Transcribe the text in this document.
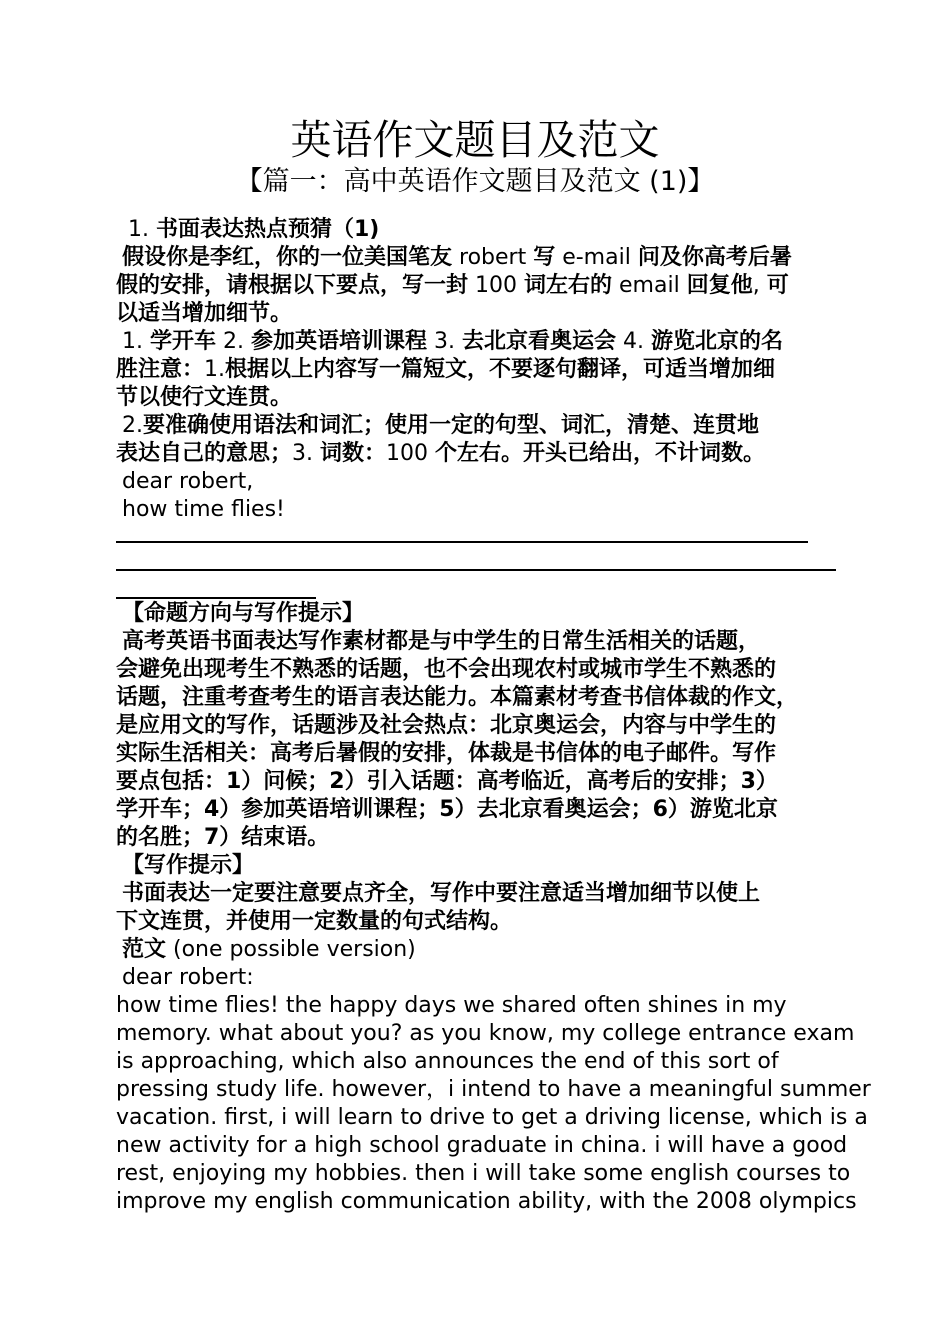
英语作文题目及范文
【篇一：高中英语作文题目及范文 (1)】
1. 书面表达热点预猜（1)
假设你是李红，你的一位美国笔友 robert 写 e-mail 问及你高考后暑
假的安排，请根据以下要点，写一封 100 词左右的 email 回复他, 可
以适当增加细节。
1. 学开车 2. 参加英语培训课程 3. 去北京看奥运会 4. 游览北京的名
胜注意：1.根据以上内容写一篇短文，不要逐句翻译，可适当增加细
节以使行文连贯。
2.要准确使用语法和词汇；使用一定的句型、词汇，清楚、连贯地
表达自己的意思；3. 词数：100 个左右。开头已给出，不计词数。
dear robert,
how time flies!
【命题方向与写作提示】
高考英语书面表达写作素材都是与中学生的日常生活相关的话题，
会避免出现考生不熟悉的话题，也不会出现农村或城市学生不熟悉的
话题，注重考查考生的语言表达能力。本篇素材考查书信体裁的作文，
是应用文的写作，话题涉及社会热点：北京奥运会，内容与中学生的
实际生活相关：高考后暑假的安排，体裁是书信体的电子邮件。写作
要点包括：1）问候；2）引入话题：高考临近，高考后的安排；3）
学开车；4）参加英语培训课程；5）去北京看奥运会；6）游览北京
的名胜；7）结束语。
【写作提示】
书面表达一定要注意要点齐全，写作中要注意适当增加细节以使上
下文连贯，并使用一定数量的句式结构。
范文 (one possible version)
dear robert:
how time flies! the happy days we shared often shines in my
memory. what about you? as you know, my college entrance exam
is approaching, which also announces the end of this sort of
pressing study life. however，i intend to have a meaningful summer
vacation. first, i will learn to drive to get a driving license, which is a
new activity for a high school graduate in china. i will have a good
rest, enjoying my hobbies. then i will take some english courses to
improve my english communication ability, with the 2008 olympics
